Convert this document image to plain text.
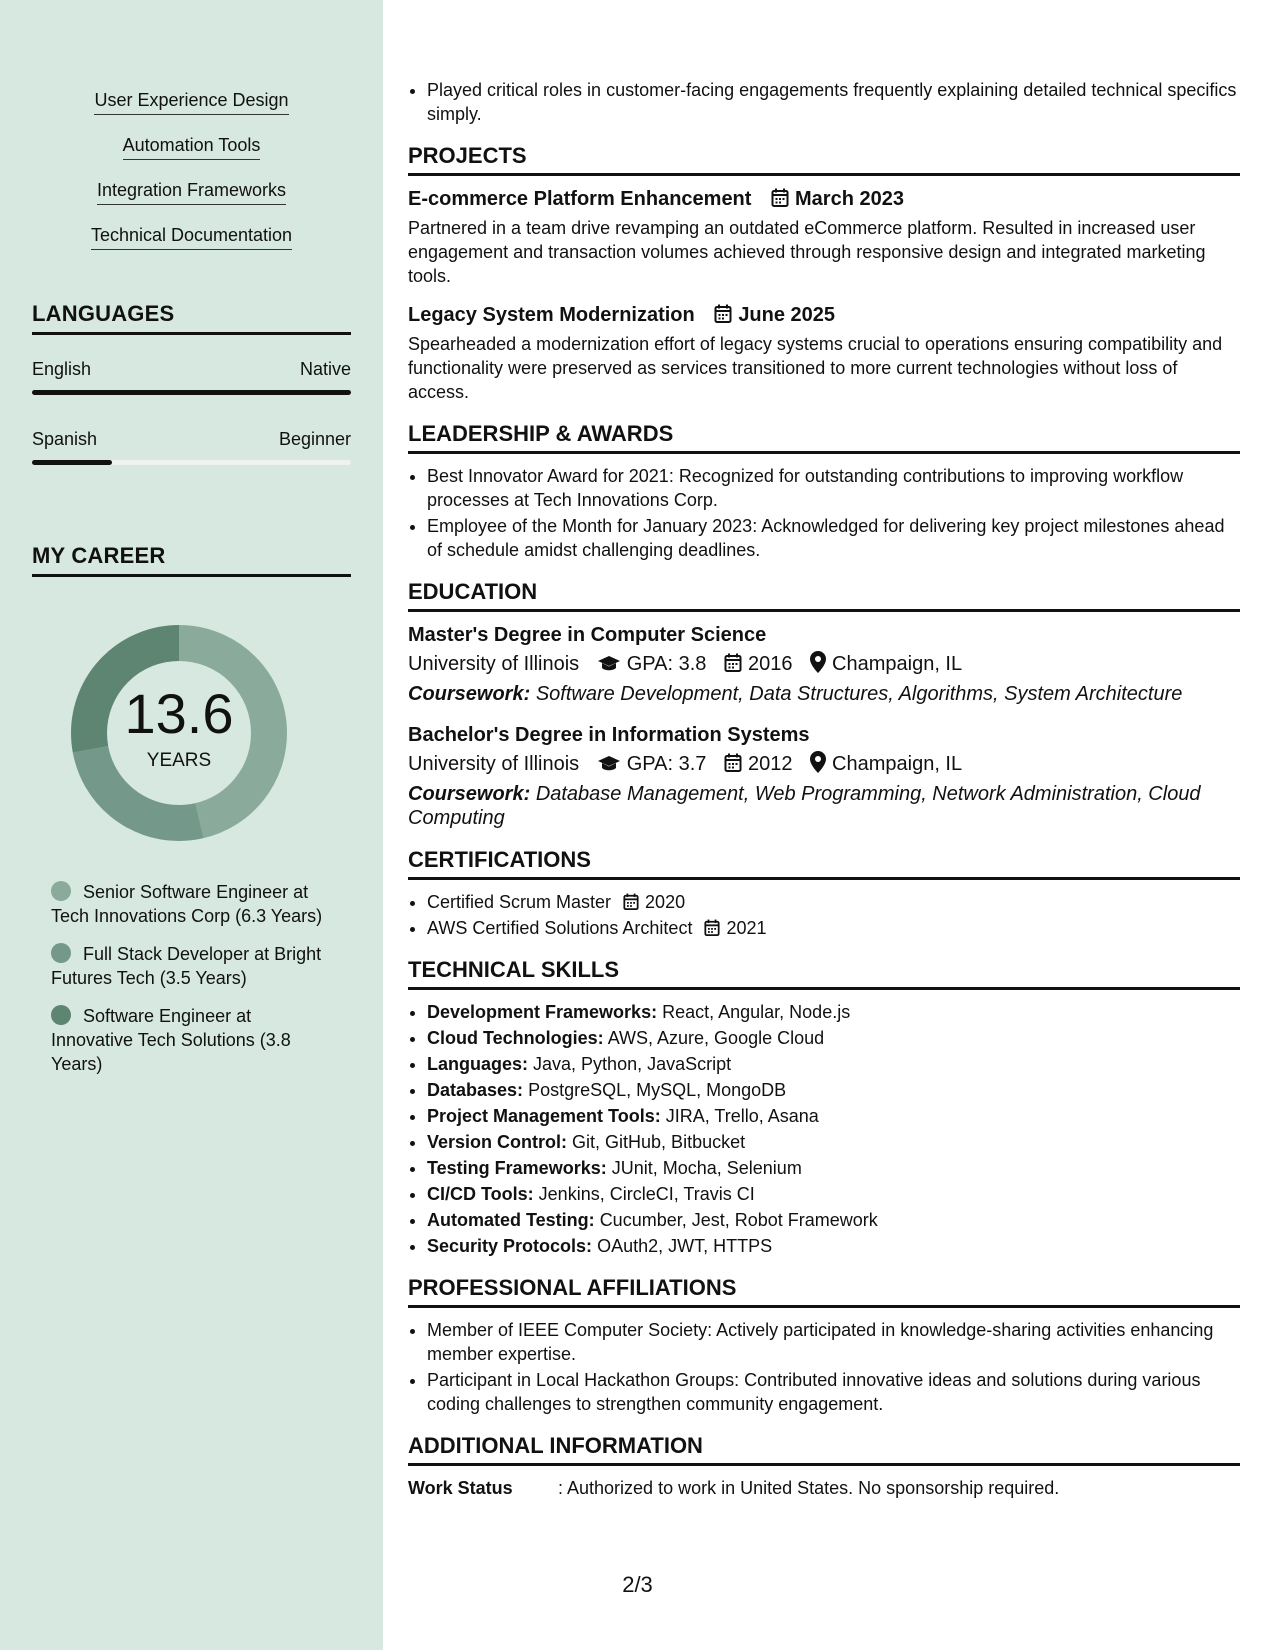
User Experience Design
Automation Tools
Integration Frameworks
Technical Documentation
LANGUAGES
English	Native
Spanish	Beginner
MY CAREER
13.6
YEARS
Senior Software Engineer at Tech Innovations Corp (6.3 Years)
Full Stack Developer at Bright Futures Tech (3.5 Years)
Software Engineer at Innovative Tech Solutions (3.8 Years)
• Played critical roles in customer-facing engagements frequently explaining detailed technical specifics simply.
PROJECTS
E-commerce Platform Enhancement March 2023
Partnered in a team drive revamping an outdated eCommerce platform. Resulted in increased user engagement and transaction volumes achieved through responsive design and integrated marketing tools.
Legacy System Modernization June 2025
Spearheaded a modernization effort of legacy systems crucial to operations ensuring compatibility and functionality were preserved as services transitioned to more current technologies without loss of access.
LEADERSHIP & AWARDS
• Best Innovator Award for 2021: Recognized for outstanding contributions to improving workflow processes at Tech Innovations Corp.
• Employee of the Month for January 2023: Acknowledged for delivering key project milestones ahead of schedule amidst challenging deadlines.
EDUCATION
Master's Degree in Computer Science
University of Illinois GPA: 3.8 2016 Champaign, IL
Coursework: Software Development, Data Structures, Algorithms, System Architecture
Bachelor's Degree in Information Systems
University of Illinois GPA: 3.7 2012 Champaign, IL
Coursework: Database Management, Web Programming, Network Administration, Cloud Computing
CERTIFICATIONS
• Certified Scrum Master 2020
• AWS Certified Solutions Architect 2021
TECHNICAL SKILLS
• Development Frameworks: React, Angular, Node.js
• Cloud Technologies: AWS, Azure, Google Cloud
• Languages: Java, Python, JavaScript
• Databases: PostgreSQL, MySQL, MongoDB
• Project Management Tools: JIRA, Trello, Asana
• Version Control: Git, GitHub, Bitbucket
• Testing Frameworks: JUnit, Mocha, Selenium
• CI/CD Tools: Jenkins, CircleCI, Travis CI
• Automated Testing: Cucumber, Jest, Robot Framework
• Security Protocols: OAuth2, JWT, HTTPS
PROFESSIONAL AFFILIATIONS
• Member of IEEE Computer Society: Actively participated in knowledge-sharing activities enhancing member expertise.
• Participant in Local Hackathon Groups: Contributed innovative ideas and solutions during various coding challenges to strengthen community engagement.
ADDITIONAL INFORMATION
Work Status	: Authorized to work in United States. No sponsorship required.
2/3
